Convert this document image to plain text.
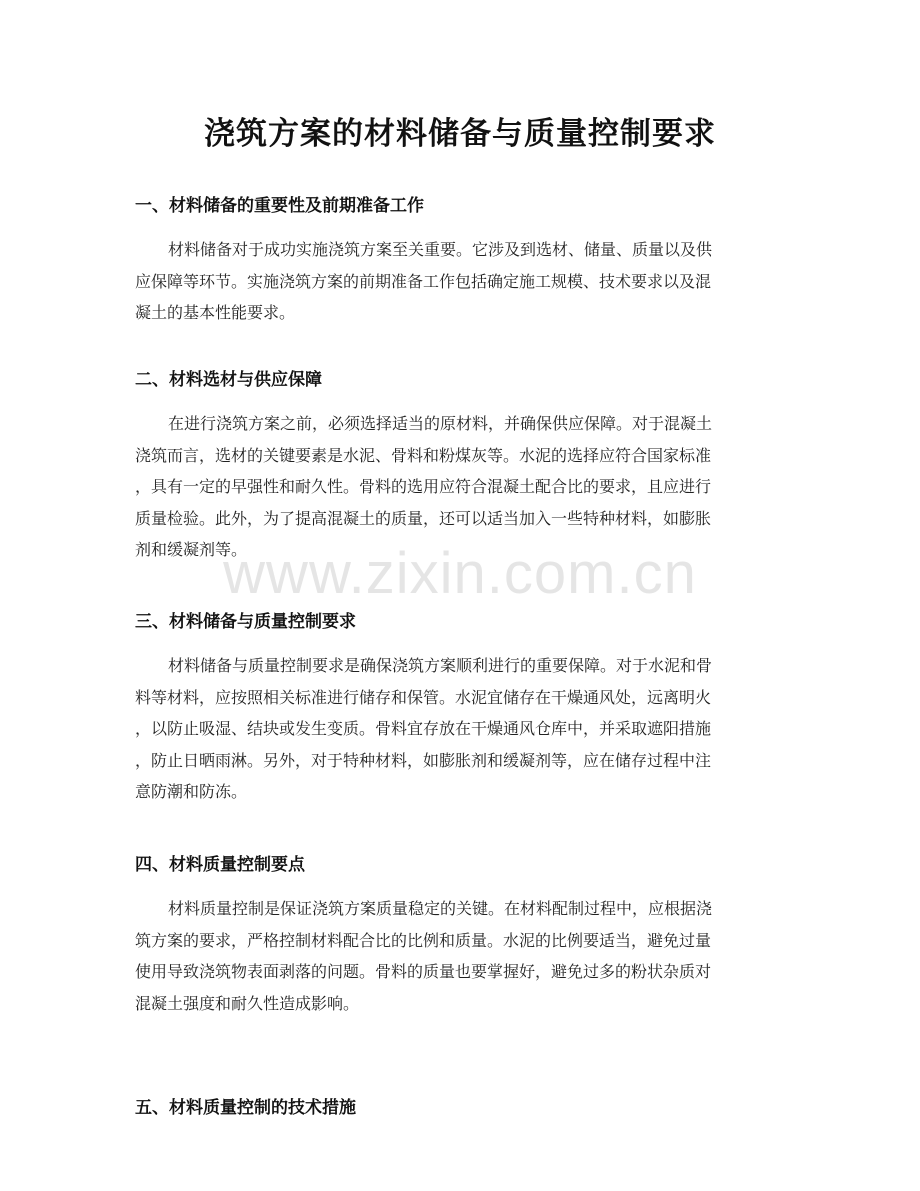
浇筑方案的材料储备与质量控制要求
一、材料储备的重要性及前期准备工作
材料储备对于成功实施浇筑方案至关重要。它涉及到选材、储量、质量以及供
应保障等环节。实施浇筑方案的前期准备工作包括确定施工规模、技术要求以及混
凝土的基本性能要求。
二、材料选材与供应保障
在进行浇筑方案之前，必须选择适当的原材料，并确保供应保障。对于混凝土
浇筑而言，选材的关键要素是水泥、骨料和粉煤灰等。水泥的选择应符合国家标准
，具有一定的早强性和耐久性。骨料的选用应符合混凝土配合比的要求，且应进行
质量检验。此外，为了提高混凝土的质量，还可以适当加入一些特种材料，如膨胀
剂和缓凝剂等。
三、材料储备与质量控制要求
材料储备与质量控制要求是确保浇筑方案顺利进行的重要保障。对于水泥和骨
料等材料，应按照相关标准进行储存和保管。水泥宜储存在干燥通风处，远离明火
，以防止吸湿、结块或发生变质。骨料宜存放在干燥通风仓库中，并采取遮阳措施
，防止日晒雨淋。另外，对于特种材料，如膨胀剂和缓凝剂等，应在储存过程中注
意防潮和防冻。
四、材料质量控制要点
材料质量控制是保证浇筑方案质量稳定的关键。在材料配制过程中，应根据浇
筑方案的要求，严格控制材料配合比的比例和质量。水泥的比例要适当，避免过量
使用导致浇筑物表面剥落的问题。骨料的质量也要掌握好，避免过多的粉状杂质对
混凝土强度和耐久性造成影响。
五、材料质量控制的技术措施
www.zixin.com.cn
